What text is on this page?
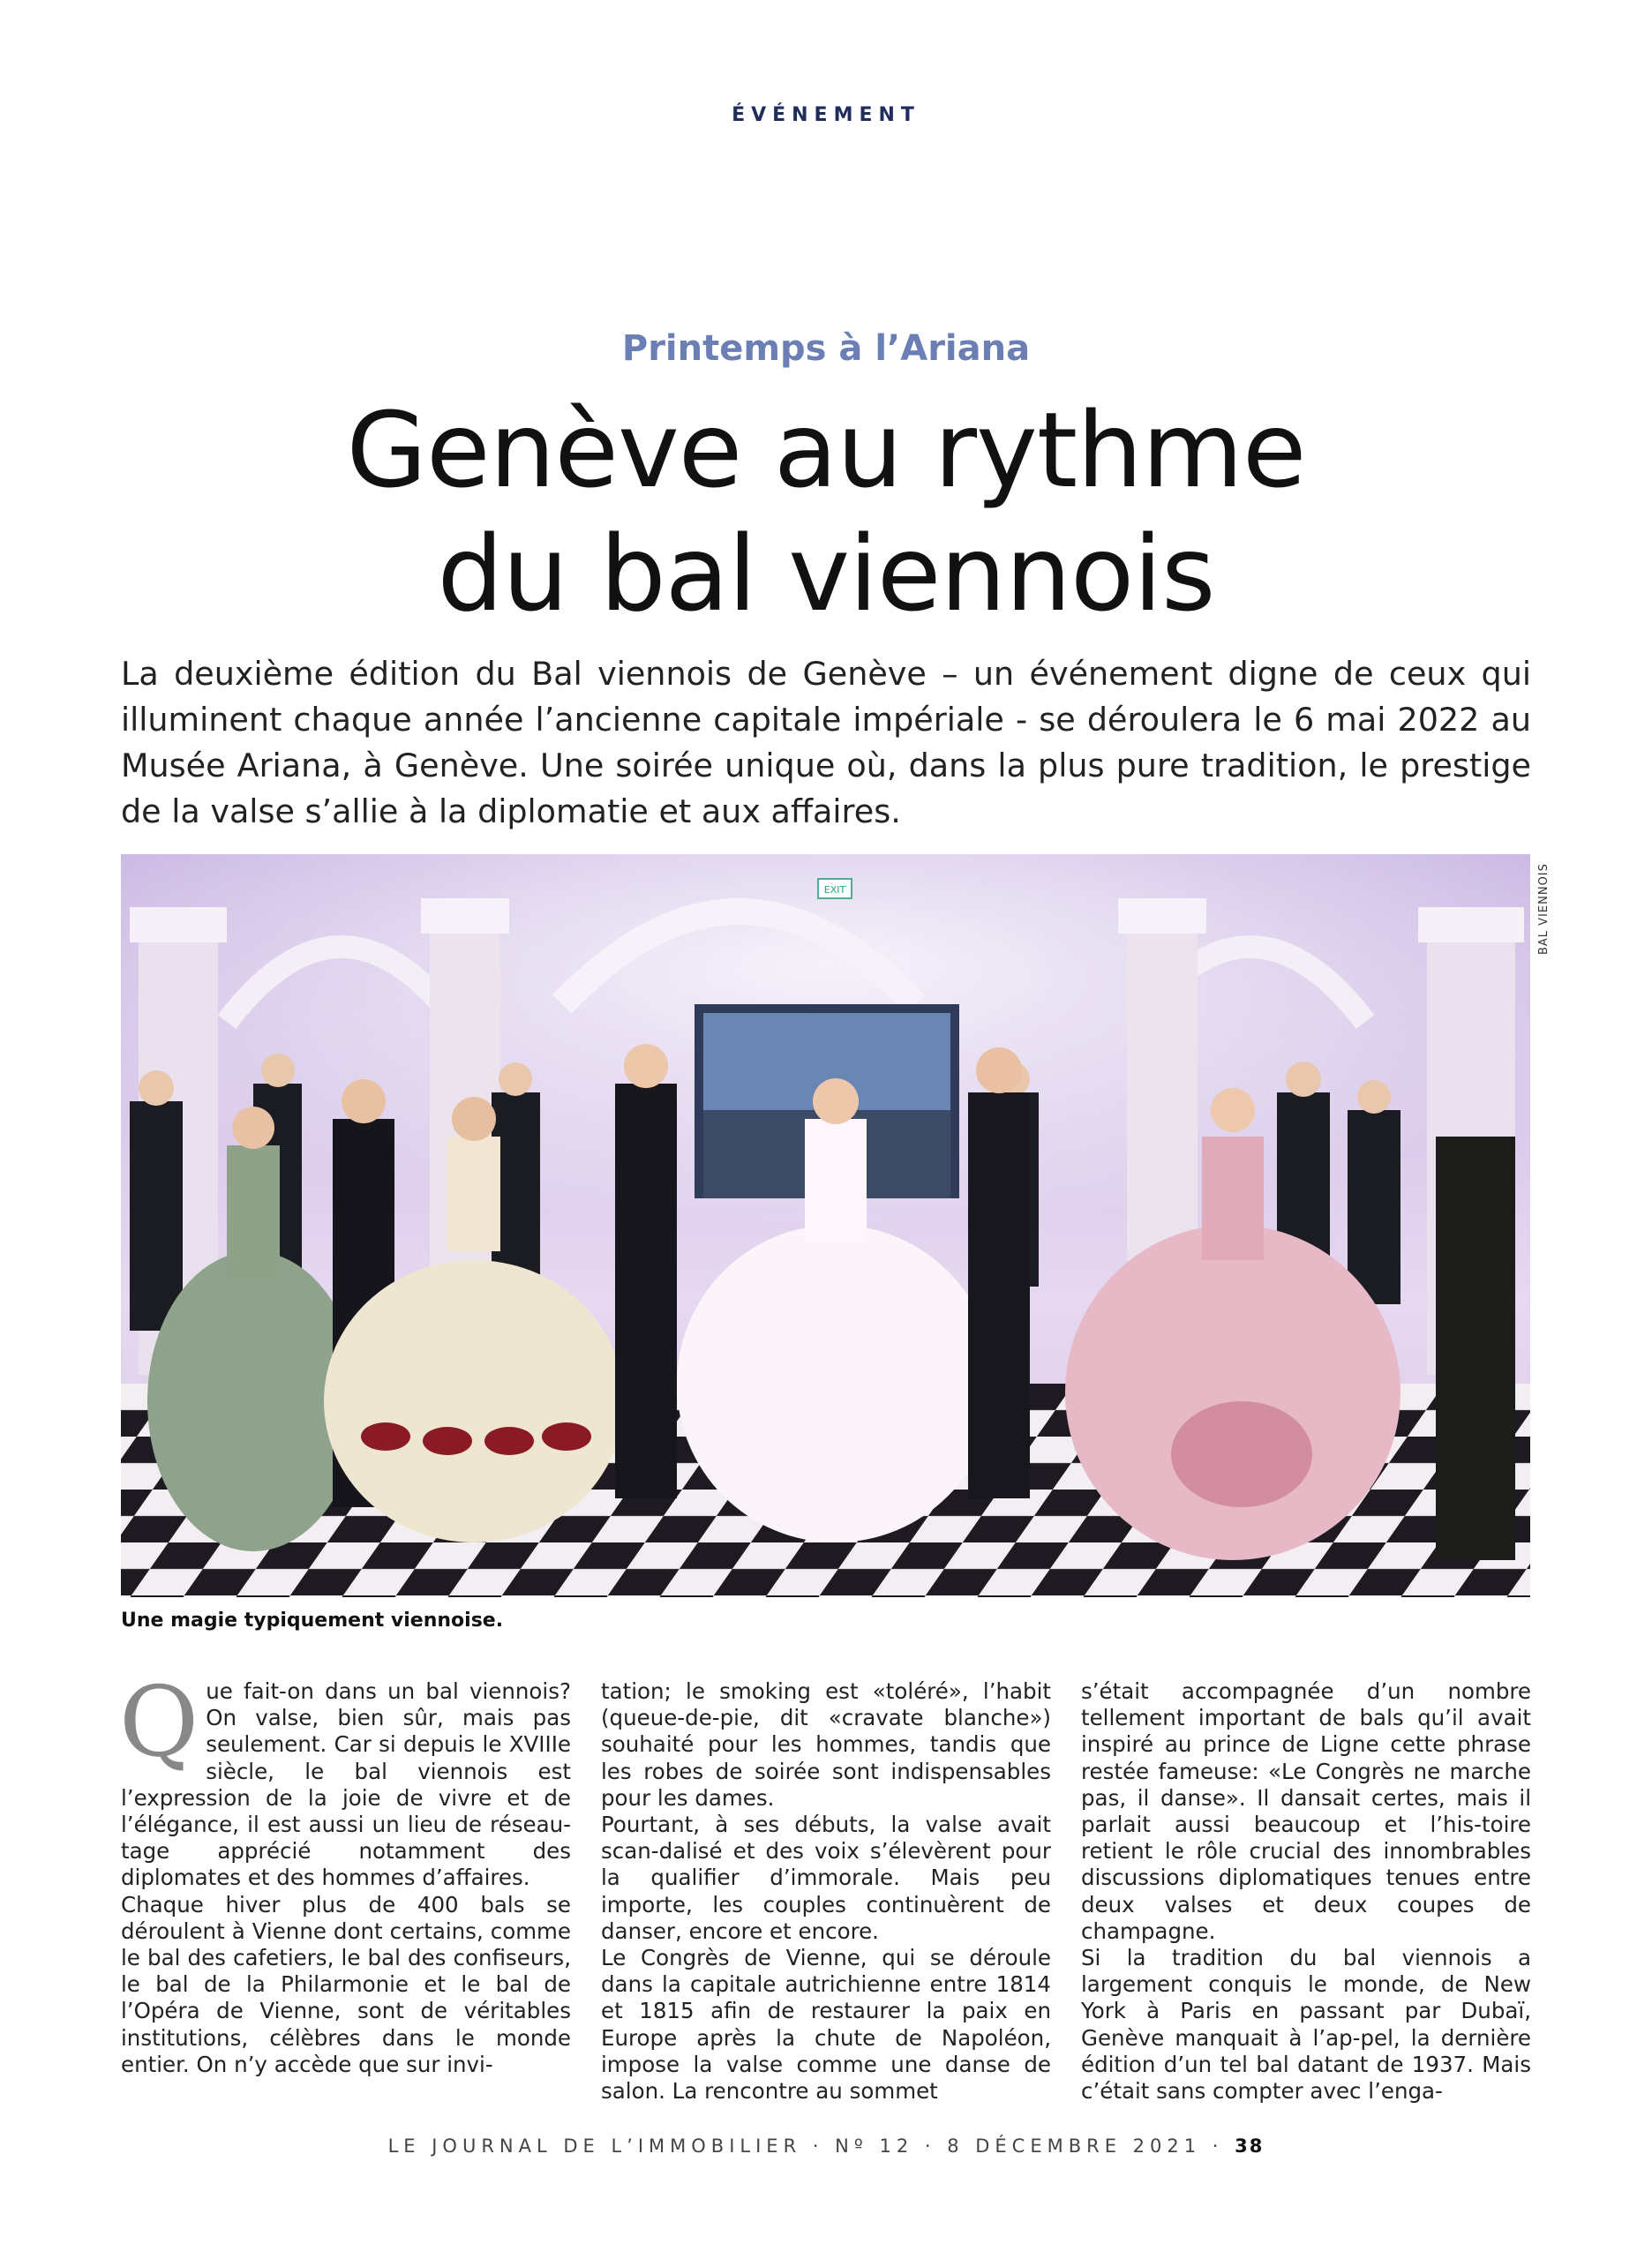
ÉVÉNEMENT
Printemps à l’Ariana
Genève au rythme
du bal viennois

La deuxième édition du Bal viennois de Genève – un événement digne de ceux qui illuminent chaque année l’ancienne capitale impériale - se déroulera le 6 mai 2022 au Musée Ariana, à Genève. Une soirée unique où, dans la plus pure tradition, le prestige de la valse s’allie à la diplomatie et aux affaires.

EXIT	BAL VIENNOIS
Une magie typiquement viennoise.

Que fait-on dans un bal viennois? On valse, bien sûr, mais pas seulement. Car si depuis le XVIIIe siècle, le bal viennois est l’expression de la joie de vivre et de l’élégance, il est aussi un lieu de réseau-tage apprécié notamment des diplomates et des hommes d’affaires.

Chaque hiver plus de 400 bals se déroulent à Vienne dont certains, comme le bal des cafetiers, le bal des confiseurs, le bal de la Philarmonie et le bal de l’Opéra de Vienne, sont de véritables institutions, célèbres dans le monde entier. On n’y accède que sur invi-

tation; le smoking est «toléré», l’habit (queue-de-pie, dit «cravate blanche») souhaité pour les hommes, tandis que les robes de soirée sont indispensables pour les dames.

Pourtant, à ses débuts, la valse avait scan-dalisé et des voix s’élevèrent pour la qualifier d’immorale. Mais peu importe, les couples continuèrent de danser, encore et encore.

Le Congrès de Vienne, qui se déroule dans la capitale autrichienne entre 1814 et 1815 afin de restaurer la paix en Europe après la chute de Napoléon, impose la valse comme une danse de salon. La rencontre au sommet

s’était accompagnée d’un nombre tellement important de bals qu’il avait inspiré au prince de Ligne cette phrase restée fameuse: «Le Congrès ne marche pas, il danse». Il dansait certes, mais il parlait aussi beaucoup et l’his-toire retient le rôle crucial des innombrables discussions diplomatiques tenues entre deux valses et deux coupes de champagne.

Si la tradition du bal viennois a largement conquis le monde, de New York à Paris en passant par Dubaï, Genève manquait à l’ap-pel, la dernière édition d’un tel bal datant de 1937. Mais c’était sans compter avec l’enga-

LE JOURNAL DE L’IMMOBILIER · Nº 12 · 8 DÉCEMBRE 2021 · 38
